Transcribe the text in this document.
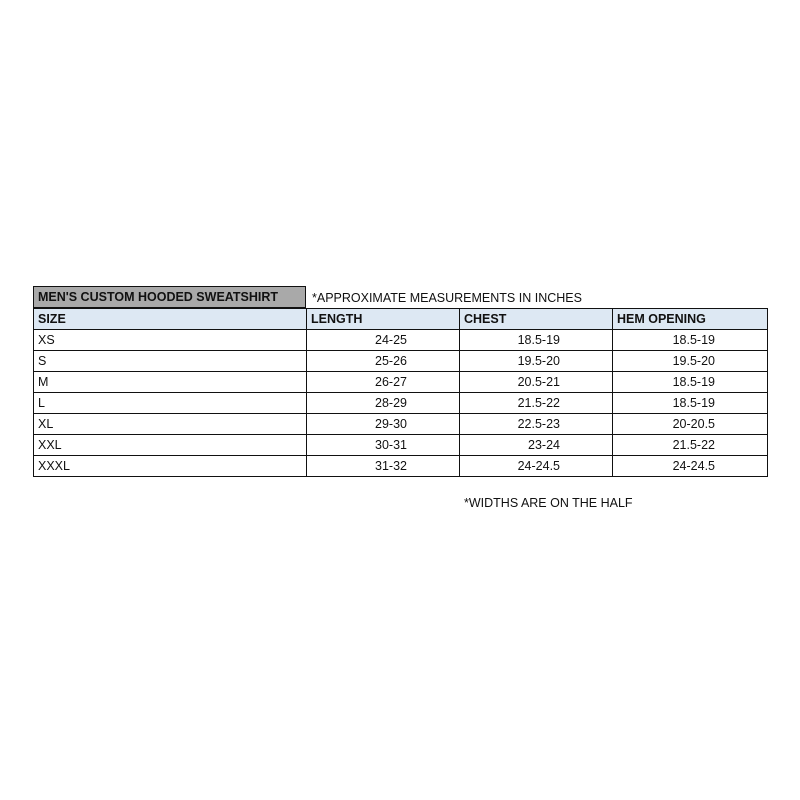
MEN'S CUSTOM HOODED SWEATSHIRT	*APPROXIMATE MEASUREMENTS IN INCHES
SIZE	LENGTH	CHEST	HEM OPENING
XS	24-25	18.5-19	18.5-19
S	25-26	19.5-20	19.5-20
M	26-27	20.5-21	18.5-19
L	28-29	21.5-22	18.5-19
XL	29-30	22.5-23	20-20.5
XXL	30-31	23-24	21.5-22
XXXL	31-32	24-24.5	24-24.5
*WIDTHS ARE ON THE HALF
